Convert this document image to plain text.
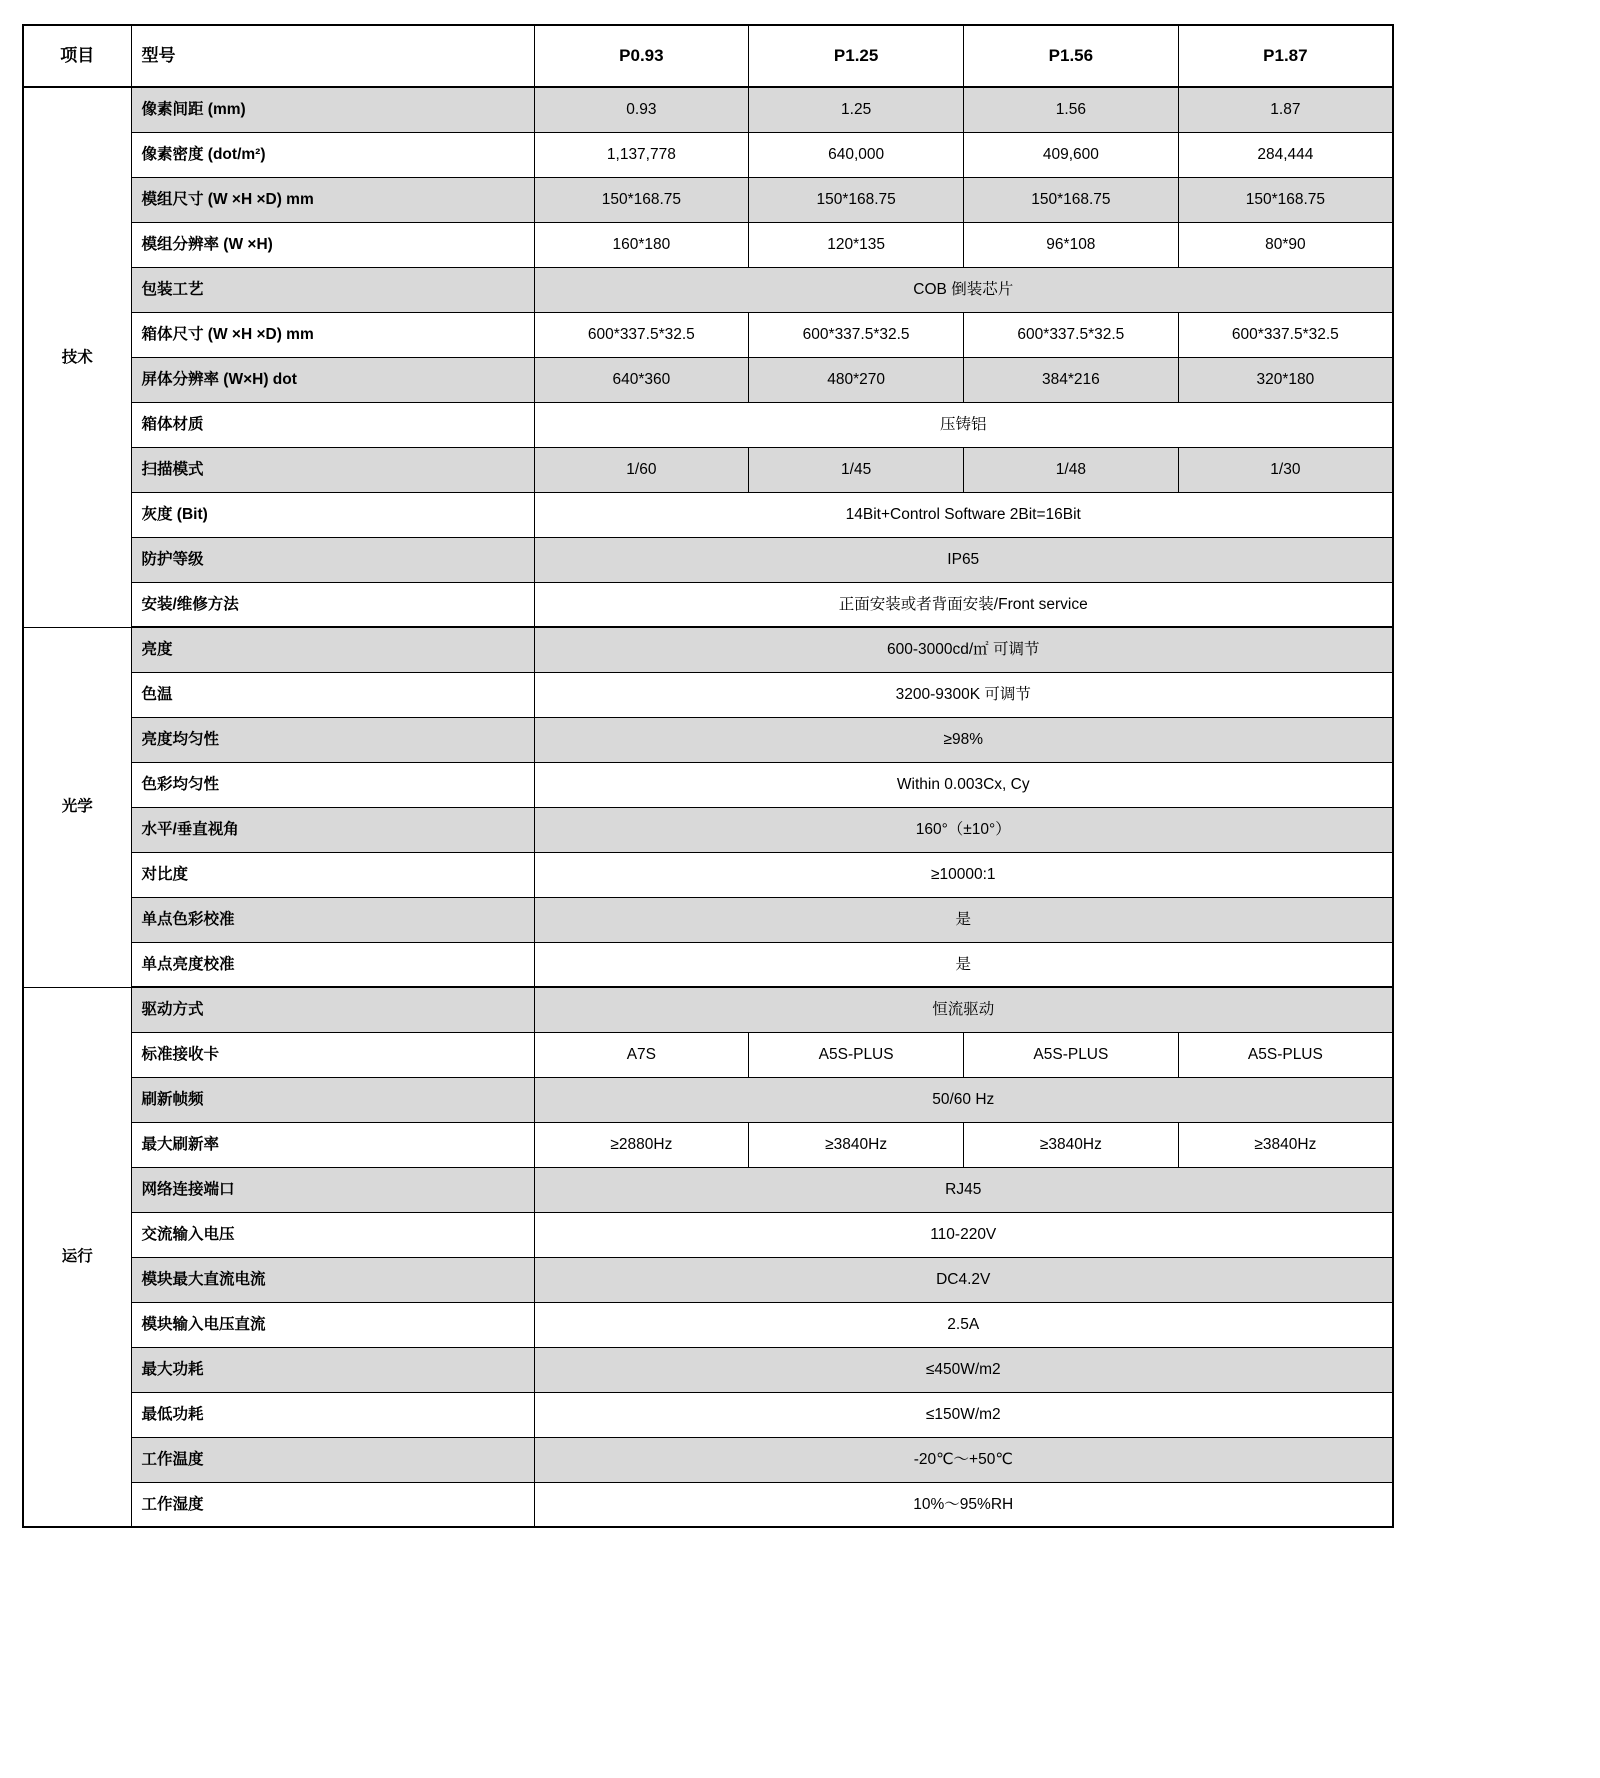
项目	型号	P0.93	P1.25	P1.56	P1.87
技术	像素间距 (mm)	0.93	1.25	1.56	1.87
	像素密度 (dot/m²)	1,137,778	640,000	409,600	284,444
	模组尺寸 (W ×H ×D) mm	150*168.75	150*168.75	150*168.75	150*168.75
	模组分辨率 (W ×H)	160*180	120*135	96*108	80*90
	包装工艺	COB 倒装芯片			
	箱体尺寸 (W ×H ×D) mm	600*337.5*32.5	600*337.5*32.5	600*337.5*32.5	600*337.5*32.5
	屏体分辨率 (W×H) dot	640*360	480*270	384*216	320*180
	箱体材质	压铸铝			
	扫描模式	1/60	1/45	1/48	1/30
	灰度 (Bit)	14Bit+Control Software 2Bit=16Bit			
	防护等级	IP65			
	安装/维修方法	正面安装或者背面安装/Front service			
光学	亮度	600-3000cd/㎡ 可调节			
	色温	3200-9300K 可调节			
	亮度均匀性	≥98%			
	色彩均匀性	Within 0.003Cx, Cy			
	水平/垂直视角	160°（±10°）			
	对比度	≥10000:1			
	单点色彩校准	是			
	单点亮度校准	是			
运行	驱动方式	恒流驱动			
	标准接收卡	A7S	A5S-PLUS	A5S-PLUS	A5S-PLUS
	刷新帧频	50/60 Hz			
	最大刷新率	≥2880Hz	≥3840Hz	≥3840Hz	≥3840Hz
	网络连接端口	RJ45			
	交流输入电压	110-220V			
	模块最大直流电流	DC4.2V			
	模块输入电压直流	2.5A			
	最大功耗	≤450W/m2			
	最低功耗	≤150W/m2			
	工作温度	-20℃～+50℃			
	工作湿度	10%～95%RH			
